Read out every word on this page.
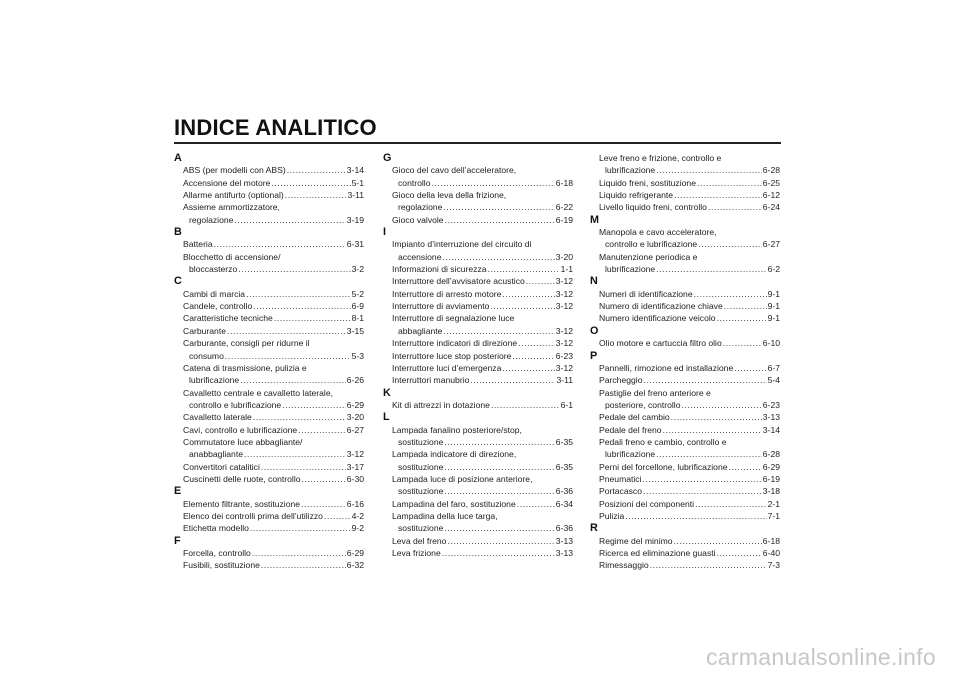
INDICE ANALITICO
A
ABS (per modelli con ABS) .....	3-14
Accensione del motore .....	5-1
Allarme antifurto (optional) .....	3-11
Assieme ammortizzatore,
regolazione .....	3-19
B
Batteria .....	6-31
Blocchetto di accensione/
bloccasterzo .....	3-2
C
Cambi di marcia .....	5-2
Candele, controllo .....	6-9
Caratteristiche tecniche .....	8-1
Carburante .....	3-15
Carburante, consigli per ridurne il
consumo .....	5-3
Catena di trasmissione, pulizia e
lubrificazione .....	6-26
Cavalletto centrale e cavalletto laterale,
controllo e lubrificazione .....	6-29
Cavalletto laterale .....	3-20
Cavi, controllo e lubrificazione .....	6-27
Commutatore luce abbagliante/
anabbagliante .....	3-12
Convertitori catalitici .....	3-17
Cuscinetti delle ruote, controllo .....	6-30
E
Elemento filtrante, sostituzione .....	6-16
Elenco dei controlli prima dell’utilizzo .....	4-2
Etichetta modello .....	9-2
F
Forcella, controllo .....	6-29
Fusibili, sostituzione .....	6-32
G
Gioco del cavo dell’acceleratore,
controllo .....	6-18
Gioco della leva della frizione,
regolazione .....	6-22
Gioco valvole .....	6-19
I
Impianto d’interruzione del circuito di
accensione .....	3-20
Informazioni di sicurezza .....	1-1
Interruttore dell’avvisatore acustico .....	3-12
Interruttore di arresto motore .....	3-12
Interruttore di avviamento .....	3-12
Interruttore di segnalazione luce
abbagliante .....	3-12
Interruttore indicatori di direzione .....	3-12
Interruttore luce stop posteriore .....	6-23
Interruttore luci d’emergenza .....	3-12
Interruttori manubrio .....	3-11
K
Kit di attrezzi in dotazione .....	6-1
L
Lampada fanalino posteriore/stop,
sostituzione .....	6-35
Lampada indicatore di direzione,
sostituzione .....	6-35
Lampada luce di posizione anteriore,
sostituzione .....	6-36
Lampadina del faro, sostituzione .....	6-34
Lampadina della luce targa,
sostituzione .....	6-36
Leva del freno .....	3-13
Leva frizione .....	3-13
Leve freno e frizione, controllo e
lubrificazione .....	6-28
Liquido freni, sostituzione .....	6-25
Liquido refrigerante .....	6-12
Livello liquido freni, controllo .....	6-24
M
Manopola e cavo acceleratore,
controllo e lubrificazione .....	6-27
Manutenzione periodica e
lubrificazione .....	6-2
N
Numeri di identificazione .....	9-1
Numero di identificazione chiave .....	9-1
Numero identificazione veicolo .....	9-1
O
Olio motore e cartuccia filtro olio .....	6-10
P
Pannelli, rimozione ed installazione .....	6-7
Parcheggio .....	5-4
Pastiglie del freno anteriore e
posteriore, controllo .....	6-23
Pedale del cambio .....	3-13
Pedale del freno .....	3-14
Pedali freno e cambio, controllo e
lubrificazione .....	6-28
Perni del forcellone, lubrificazione .....	6-29
Pneumatici .....	6-19
Portacasco .....	3-18
Posizioni dei componenti .....	2-1
Pulizia .....	7-1
R
Regime del minimo .....	6-18
Ricerca ed eliminazione guasti .....	6-40
Rimessaggio .....	7-3
carmanualsonline.info
